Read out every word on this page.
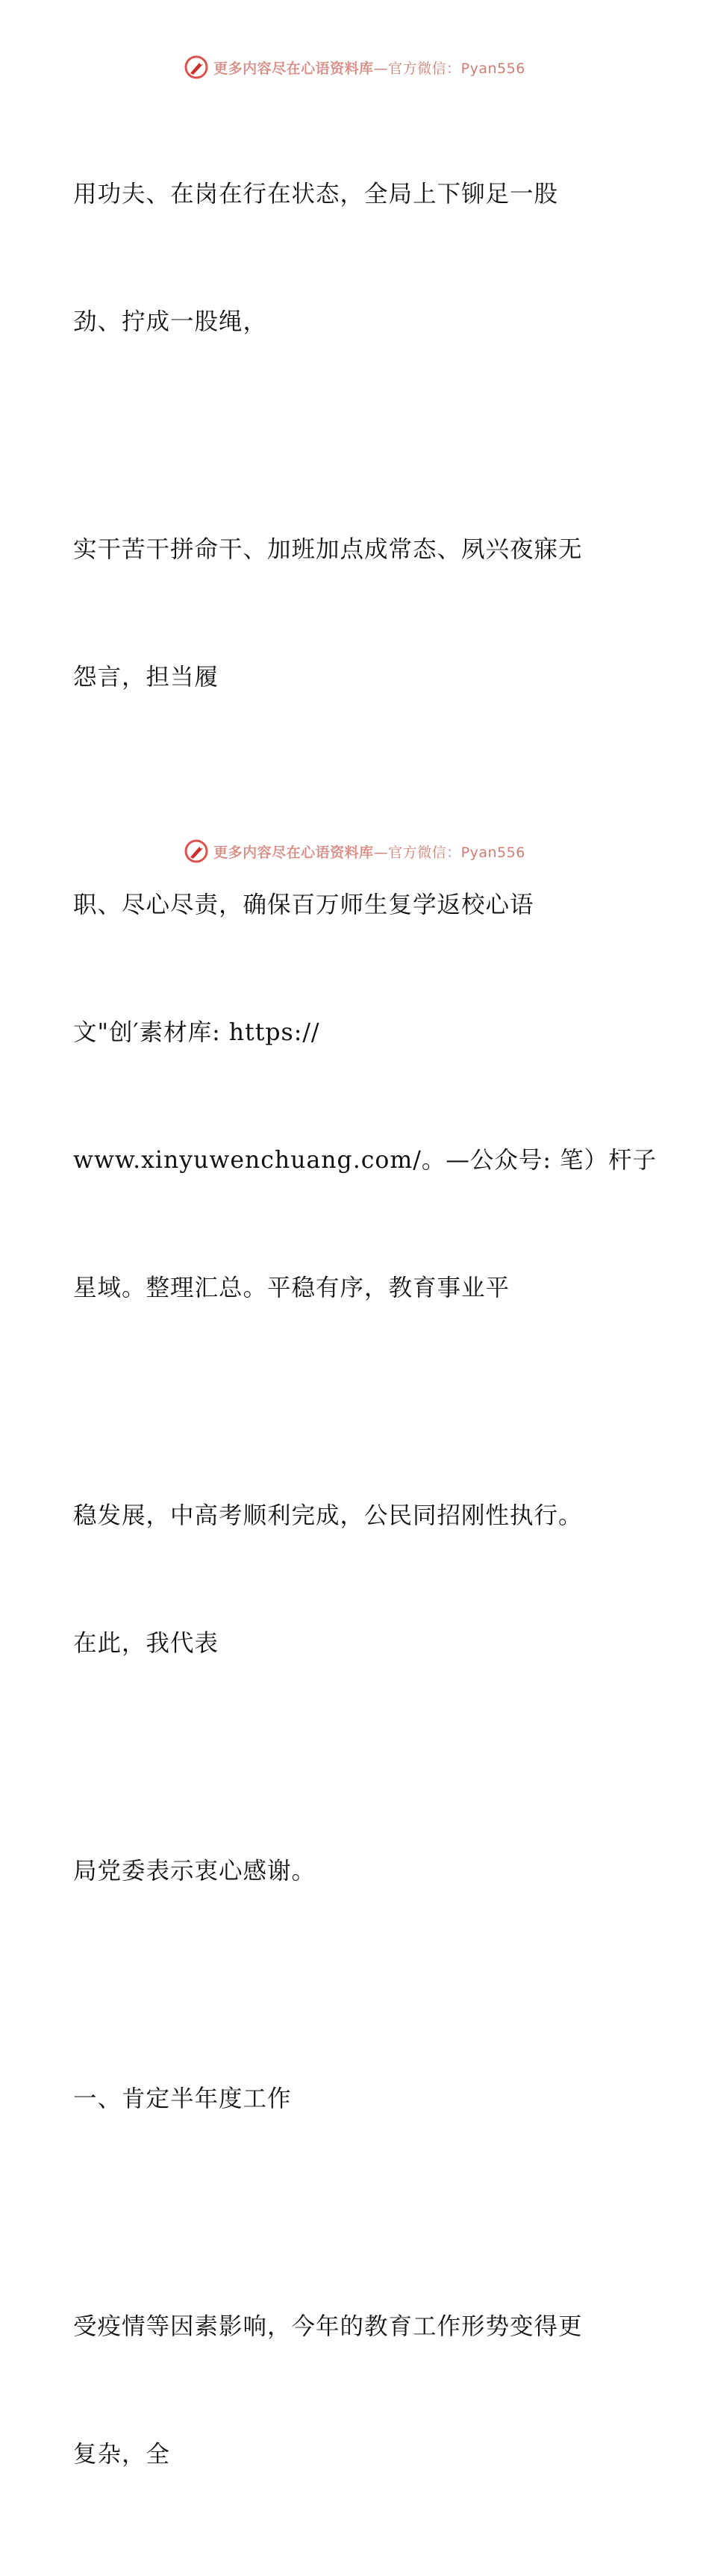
更多内容尽在心语资料库—官方微信：Pyan556

用功夫、在岗在行在状态，全局上下铆足一股

劲、拧成一股绳，

实干苦干拼命干、加班加点成常态、夙兴夜寐无

怨言，担当履

职、尽心尽责，确保百万师生复学返校心语

文"创′素材库: https://

www.xinyuwenchuang.com/。—公众号: 笔）杆子

星域。整理汇总。平稳有序，教育事业平

稳发展，中高考顺利完成，公民同招刚性执行。

在此，我代表

局党委表示衷心感谢。

一、肯定半年度工作

受疫情等因素影响，今年的教育工作形势变得更

复杂，全

更多内容尽在心语资料库—官方微信：Pyan556
